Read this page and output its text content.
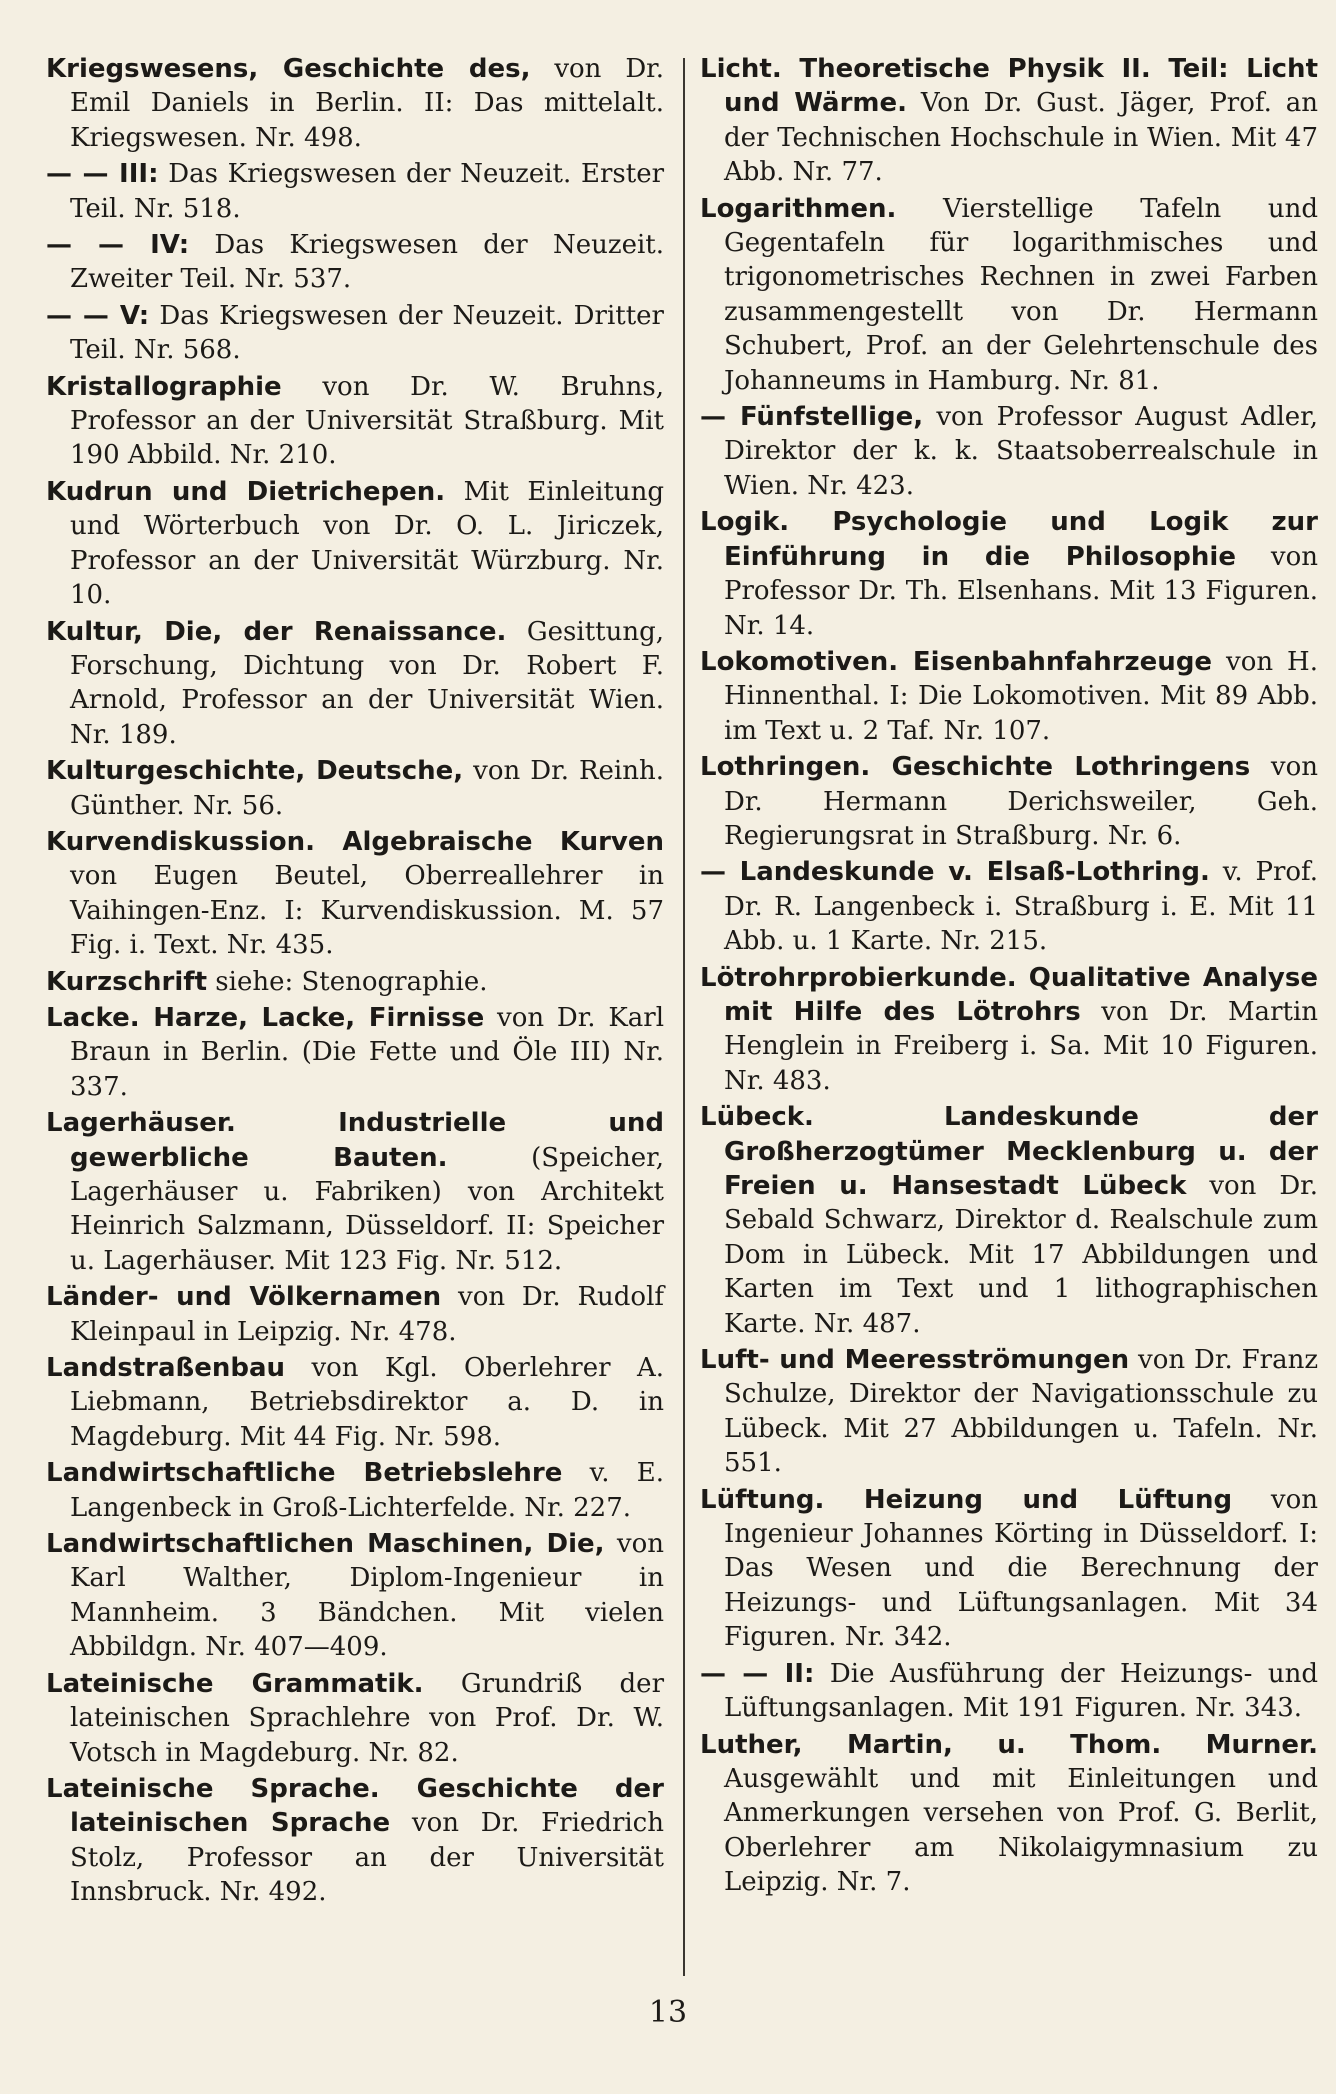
Kriegswesens, Geschichte des, von Dr. Emil Daniels in Berlin. II: Das mittelalt. Kriegswesen. Nr. 498.

— — III: Das Kriegswesen der Neuzeit. Erster Teil. Nr. 518.

— — IV: Das Kriegswesen der Neuzeit. Zweiter Teil. Nr. 537.

— — V: Das Kriegswesen der Neuzeit. Dritter Teil. Nr. 568.

Kristallographie von Dr. W. Bruhns, Professor an der Universität Straßburg. Mit 190 Abbild. Nr. 210.

Kudrun und Dietrichepen. Mit Einleitung und Wörterbuch von Dr. O. L. Jiriczek, Professor an der Universität Würzburg. Nr. 10.

Kultur, Die, der Renaissance. Gesittung, Forschung, Dichtung von Dr. Robert F. Arnold, Professor an der Universität Wien. Nr. 189.

Kulturgeschichte, Deutsche, von Dr. Reinh. Günther. Nr. 56.

Kurvendiskussion. Algebraische Kurven von Eugen Beutel, Oberreallehrer in Vaihingen-Enz. I: Kurvendiskussion. M. 57 Fig. i. Text. Nr. 435.

Kurzschrift siehe: Stenographie.

Lacke. Harze, Lacke, Firnisse von Dr. Karl Braun in Berlin. (Die Fette und Öle III) Nr. 337.

Lagerhäuser. Industrielle und gewerbliche Bauten.	(Speicher, Lagerhäuser u. Fabriken) von Architekt Heinrich Salzmann, Düsseldorf. II: Speicher u. Lagerhäuser. Mit 123 Fig. Nr. 512.

Länder- und Völkernamen von Dr. Rudolf Kleinpaul in Leipzig. Nr. 478.

Landstraßenbau von Kgl. Oberlehrer A. Liebmann, Betriebsdirektor a. D. in Magdeburg. Mit 44 Fig. Nr. 598.

Landwirtschaftliche Betriebslehre v. E. Langenbeck in Groß-Lichterfelde. Nr. 227.

Landwirtschaftlichen Maschinen, Die, von Karl Walther, Diplom-Ingenieur in Mannheim. 3 Bändchen. Mit vielen Abbildgn. Nr. 407—409.

Lateinische Grammatik. Grundriß der lateinischen Sprachlehre von Prof. Dr. W. Votsch in Magdeburg. Nr. 82.

Lateinische Sprache. Geschichte der lateinischen Sprache von Dr. Friedrich Stolz, Professor an der Universität Innsbruck. Nr. 492.

Licht. Theoretische Physik II. Teil: Licht und Wärme. Von Dr. Gust. Jäger, Prof. an der Technischen Hochschule in Wien. Mit 47 Abb. Nr. 77.

Logarithmen. Vierstellige Tafeln und Gegentafeln für logarithmisches und trigonometrisches Rechnen in zwei Farben zusammengestellt von Dr. Hermann Schubert, Prof. an der Gelehrtenschule des Johanneums in Hamburg. Nr. 81.

— Fünfstellige, von Professor August Adler, Direktor der k. k. Staatsoberrealschule in Wien. Nr. 423.

Logik. Psychologie und Logik zur Einführung in die Philosophie von Professor Dr. Th. Elsenhans. Mit 13 Figuren. Nr. 14.

Lokomotiven. Eisenbahnfahrzeuge von H. Hinnenthal. I: Die Lokomotiven. Mit 89 Abb. im Text u. 2 Taf. Nr. 107.

Lothringen. Geschichte Lothringens von Dr. Hermann Derichsweiler, Geh. Regierungsrat in Straßburg. Nr. 6.

— Landeskunde v. Elsaß-Lothring. v. Prof. Dr. R. Langenbeck i. Straßburg i. E. Mit 11 Abb. u. 1 Karte. Nr. 215.

Lötrohrprobierkunde. Qualitative Analyse mit Hilfe des Lötrohrs von Dr. Martin Henglein in Freiberg i. Sa. Mit 10 Figuren. Nr. 483.

Lübeck. Landeskunde der Großherzogtümer Mecklenburg u. der Freien u. Hansestadt Lübeck von Dr. Sebald Schwarz, Direktor d. Realschule zum Dom in Lübeck. Mit 17 Abbildungen und Karten im Text und 1 lithographischen Karte. Nr. 487.

Luft- und Meeresströmungen von Dr. Franz Schulze, Direktor der Navigationsschule zu Lübeck. Mit 27 Abbildungen u. Tafeln. Nr. 551.

Lüftung. Heizung und Lüftung von Ingenieur Johannes Körting in Düsseldorf. I: Das Wesen und die Berechnung der Heizungs- und Lüftungsanlagen. Mit 34 Figuren. Nr. 342.

— — II: Die Ausführung der Heizungs- und Lüftungsanlagen. Mit 191 Figuren. Nr. 343.

Luther, Martin, u. Thom. Murner. Ausgewählt und mit Einleitungen und Anmerkungen versehen von Prof. G. Berlit, Oberlehrer am Nikolaigymnasium zu Leipzig. Nr. 7.

13
